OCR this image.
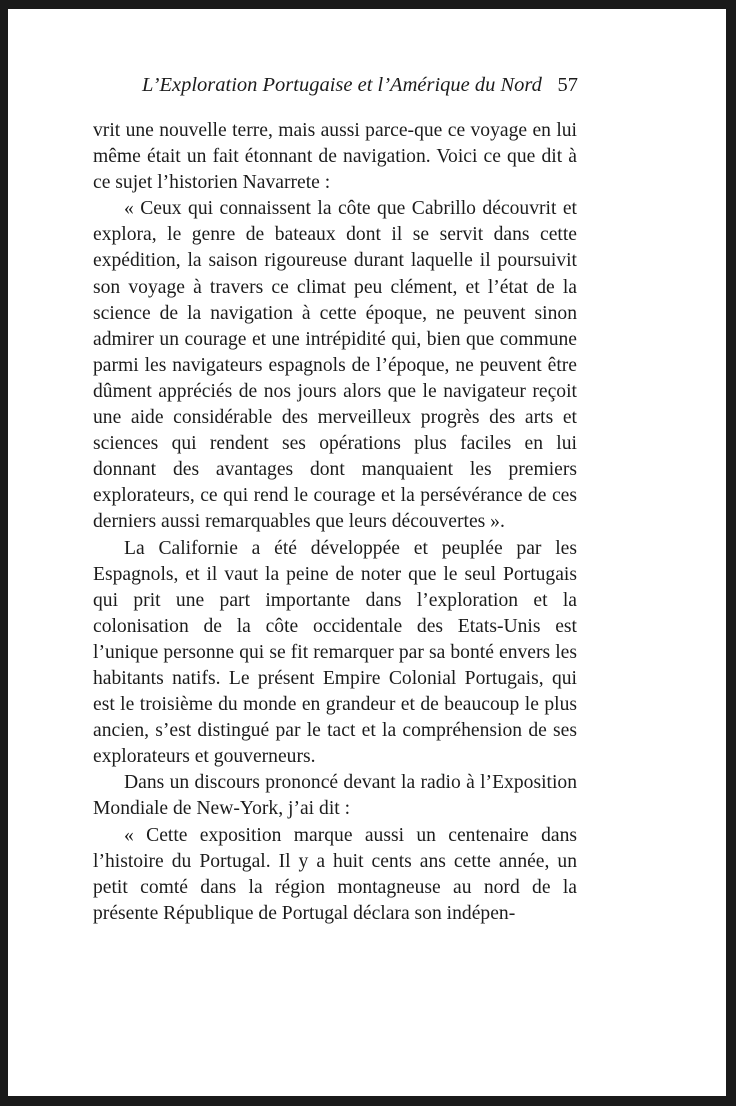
L’Exploration Portugaise et l’Amérique du Nord 57

vrit une nouvelle terre, mais aussi parce-que ce voyage en lui même était un fait étonnant de navigation. Voici ce que dit à ce sujet l’historien Navarrete :

« Ceux qui connaissent la côte que Cabrillo découvrit et explora, le genre de bateaux dont il se servit dans cette expédition, la saison rigoureuse durant laquelle il poursuivit son voyage à travers ce climat peu clément, et l’état de la science de la navigation à cette époque, ne peuvent sinon admirer un courage et une intrépidité qui, bien que commune parmi les navigateurs espagnols de l’époque, ne peuvent être dûment appréciés de nos jours alors que le navigateur reçoit une aide considérable des merveilleux progrès des arts et sciences qui rendent ses opérations plus faciles en lui donnant des avantages dont manquaient les premiers explorateurs, ce qui rend le courage et la persévérance de ces derniers aussi remarquables que leurs découvertes ».

La Californie a été développée et peuplée par les Espagnols, et il vaut la peine de noter que le seul Portugais qui prit une part importante dans l’exploration et la colonisation de la côte occidentale des Etats-Unis est l’unique personne qui se fit remarquer par sa bonté envers les habitants natifs. Le présent Empire Colonial Portugais, qui est le troisième du monde en grandeur et de beaucoup le plus ancien, s’est distingué par le tact et la compréhension de ses explorateurs et gouverneurs.

Dans un discours prononcé devant la radio à l’Exposition Mondiale de New-York, j’ai dit :

« Cette exposition marque aussi un centenaire dans l’histoire du Portugal. Il y a huit cents ans cette année, un petit comté dans la région montagneuse au nord de la présente République de Portugal déclara son indépen-
